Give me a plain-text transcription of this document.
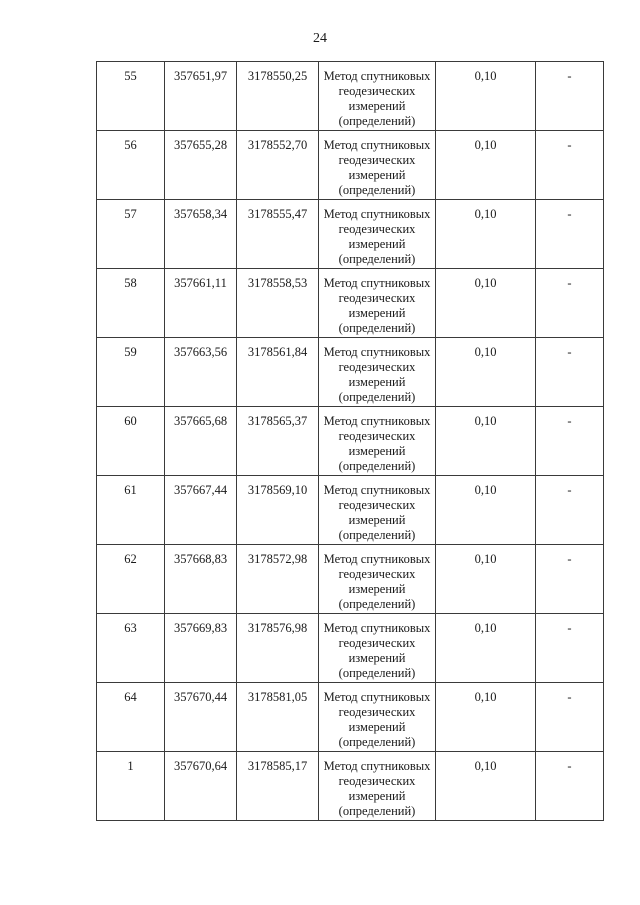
24
55	357651,97	3178550,25	Метод спутниковых геодезических измерений (определений)	0,10	-
56	357655,28	3178552,70	Метод спутниковых геодезических измерений (определений)	0,10	-
57	357658,34	3178555,47	Метод спутниковых геодезических измерений (определений)	0,10	-
58	357661,11	3178558,53	Метод спутниковых геодезических измерений (определений)	0,10	-
59	357663,56	3178561,84	Метод спутниковых геодезических измерений (определений)	0,10	-
60	357665,68	3178565,37	Метод спутниковых геодезических измерений (определений)	0,10	-
61	357667,44	3178569,10	Метод спутниковых геодезических измерений (определений)	0,10	-
62	357668,83	3178572,98	Метод спутниковых геодезических измерений (определений)	0,10	-
63	357669,83	3178576,98	Метод спутниковых геодезических измерений (определений)	0,10	-
64	357670,44	3178581,05	Метод спутниковых геодезических измерений (определений)	0,10	-
1	357670,64	3178585,17	Метод спутниковых геодезических измерений (определений)	0,10	-
